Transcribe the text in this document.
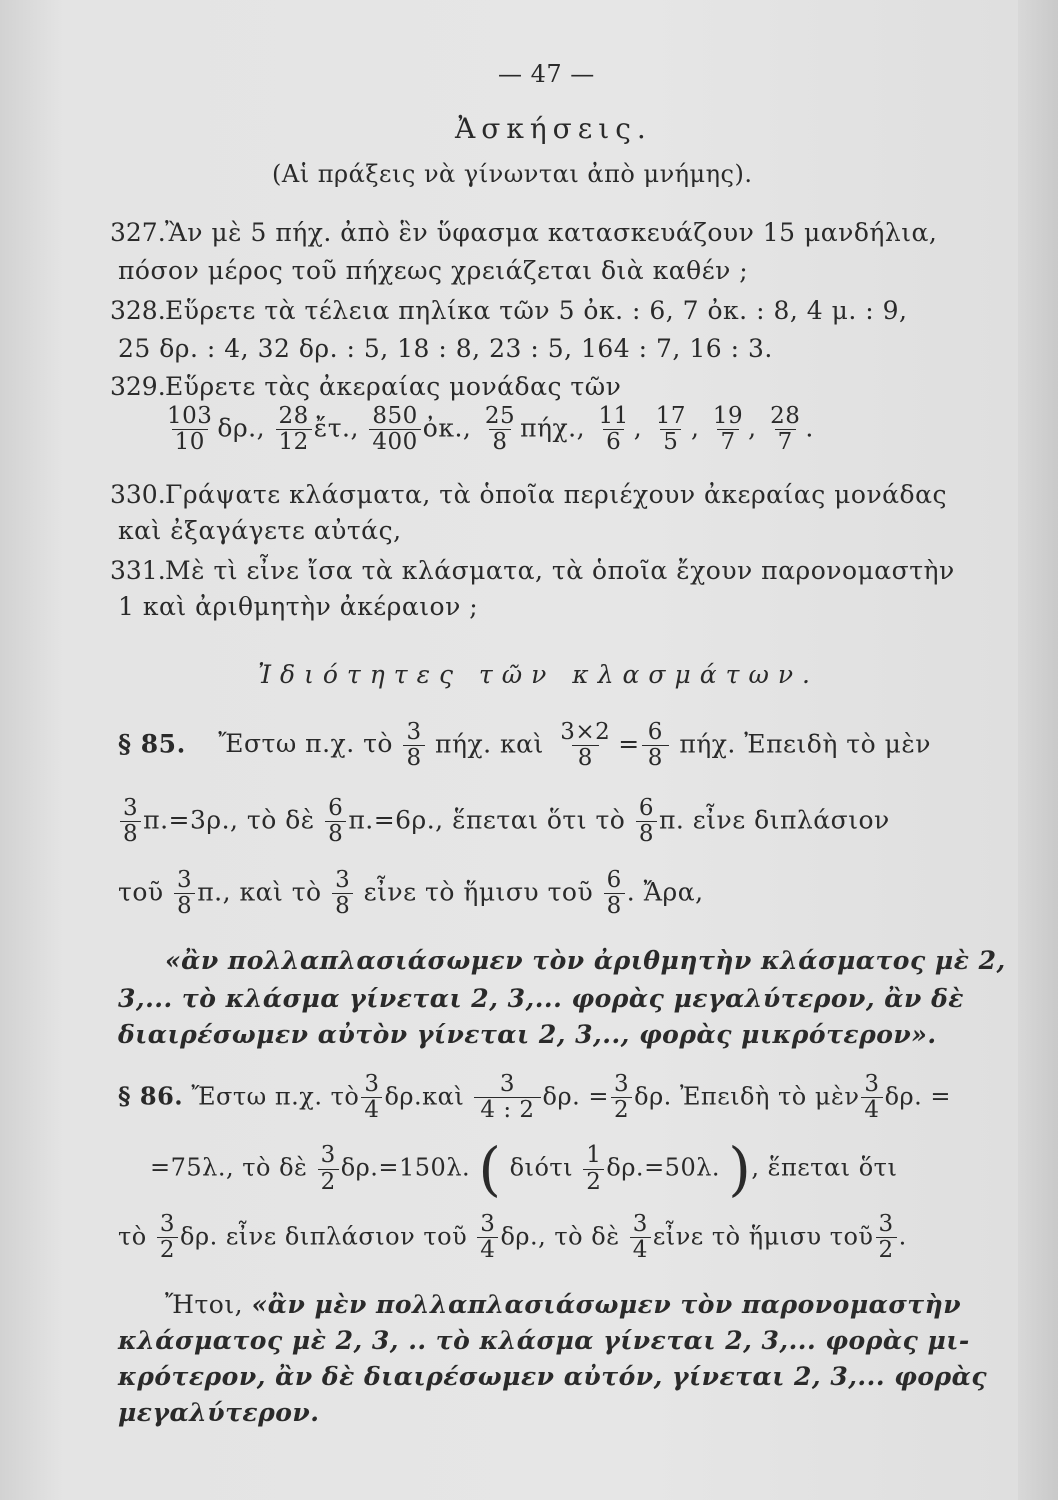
— 47 —
Ἀσκήσεις.
(Αἱ πράξεις νὰ γίνωνται ἀπὸ μνήμης).
327. Ἂν μὲ 5 πήχ. ἀπὸ ἓν ὕφασμα κατασκευάζουν 15 μανδήλια,
πόσον μέρος τοῦ πήχεως χρειάζεται διὰ καθέν ;
328. Εὕρετε τὰ τέλεια πηλίκα τῶν 5 ὀκ. : 6, 7 ὀκ. : 8, 4 μ. : 9,
25 δρ. : 4, 32 δρ. : 5, 18 : 8, 23 : 5, 164 : 7, 16 : 3.
329. Εὕρετε τὰς ἀκεραίας μονάδας τῶν
$\frac{103}{10} \delta\rho$., $\frac{28}{12}$ ἔτ., $\frac{850}{400}$ ὀκ., $\frac{25}{8} \pi ή\chi$., $\frac{11}{6}$ , $\frac{17}{5}$ , $\frac{19}{7}$ , $\frac{28}{7}$ .
330. Γράψατε κλάσματα, τὰ ὁποῖα περιέχουν ἀκεραίας μονάδας
καὶ ἐξαγάγετε αὐτάς,
331. Μὲ τὶ εἶνε ἴσα τὰ κλάσματα, τὰ ὁποῖα ἔχουν παρονομαστὴν
1 καὶ ἀριθμητὴν ἀκέραιον ;
Ἰδιότητες τῶν κλασμάτων.
§ 85. Ἔστω π.χ. τὸ $\frac{3}{8} \pi ή\chi$. καὶ $\frac{3\times 2}{8} = \frac{6}{8} \pi ή\chi$. Ἐπειδὴ τὸ μὲν
$\frac{3}{8} \pi.=3\rho$., τὸ δὲ $\frac{6}{8} \pi.=6\rho$., ἕπεται ὅτι τὸ $\frac{6}{8} \pi$. εἶνε διπλάσιον
τοῦ $\frac{3}{8} \pi$., καὶ τὸ $\frac{3}{8}$ εἶνε τὸ ἥμισυ τοῦ $\frac{6}{8}$ . Ἄρα,
«ἂν πολλαπλασιάσωμεν τὸν ἀριθμητὴν κλάσματος μὲ 2,
3,... τὸ κλάσμα γίνεται 2, 3,... φορὰς μεγαλύτερον, ἂν δὲ
διαιρέσωμεν αὐτὸν γίνεται 2, 3,.., φορὰς μικρότερον».
§ 86. Ἔστω π.χ. τὸ $\frac{3}{4}$ δρ.καὶ $\frac{3}{4 : 2} \delta\rho$. = $\frac{3}{2} \delta\rho$. Ἐπειδὴ τὸ μὲν $\frac{3}{4} \delta\rho$. =
=75λ., τὸ δὲ $\frac{3}{2} \delta\rho.=150\lambda$. ( διότι $\frac{1}{2} \delta\rho.=50\lambda$. ), ἕπεται ὅτι
τὸ $\frac{3}{2} \delta\rho$. εἶνε διπλάσιον τοῦ $\frac{3}{4} \delta\rho$., τὸ δὲ $\frac{3}{4}$ εἶνε τὸ ἥμισυ τοῦ $\frac{3}{2}$ .
Ἤτοι, «ἂν μὲν πολλαπλασιάσωμεν τὸν παρονομαστὴν
κλάσματος μὲ 2, 3, .. τὸ κλάσμα γίνεται 2, 3,... φορὰς μι-
κρότερον, ἂν δὲ διαιρέσωμεν αὐτόν, γίνεται 2, 3,... φορὰς
μεγαλύτερον.
